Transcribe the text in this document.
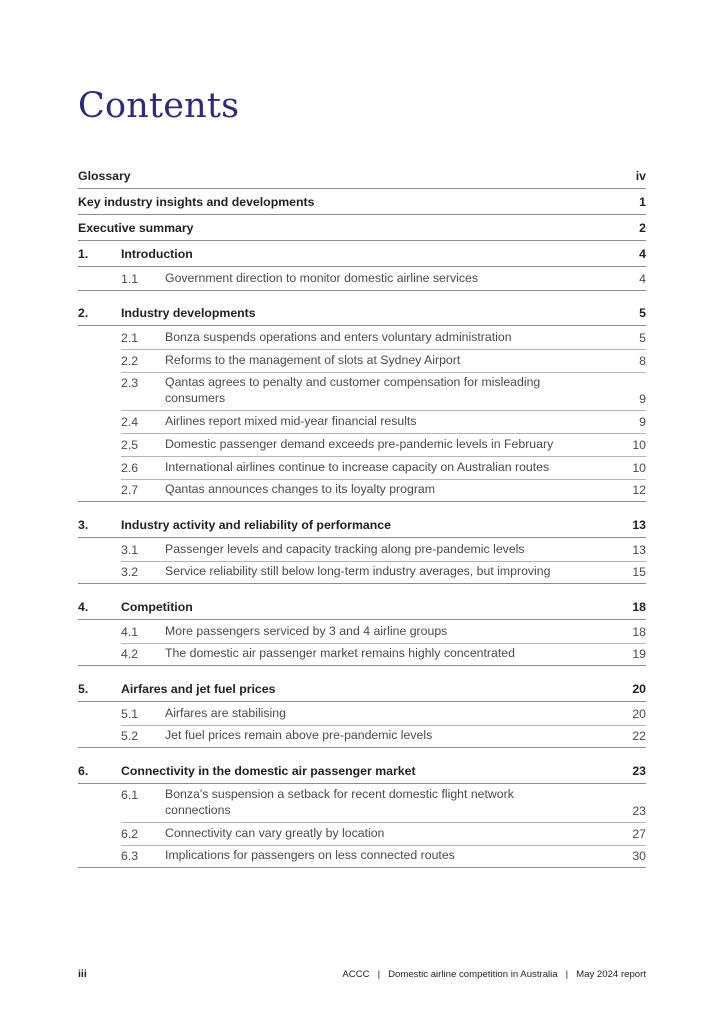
Contents
Glossary	iv
Key industry insights and developments	1
Executive summary	2
1.	Introduction	4
1.1 Government direction to monitor domestic airline services	4
2.	Industry developments	5
2.1 Bonza suspends operations and enters voluntary administration	5
2.2 Reforms to the management of slots at Sydney Airport	8
2.3 Qantas agrees to penalty and customer compensation for misleading consumers	9
2.4 Airlines report mixed mid-year financial results	9
2.5 Domestic passenger demand exceeds pre-pandemic levels in February	10
2.6 International airlines continue to increase capacity on Australian routes	10
2.7 Qantas announces changes to its loyalty program	12
3.	Industry activity and reliability of performance	13
3.1 Passenger levels and capacity tracking along pre-pandemic levels	13
3.2 Service reliability still below long-term industry averages, but improving	15
4.	Competition	18
4.1 More passengers serviced by 3 and 4 airline groups	18
4.2 The domestic air passenger market remains highly concentrated	19
5.	Airfares and jet fuel prices	20
5.1 Airfares are stabilising	20
5.2 Jet fuel prices remain above pre-pandemic levels	22
6.	Connectivity in the domestic air passenger market	23
6.1 Bonza's suspension a setback for recent domestic flight network connections	23
6.2 Connectivity can vary greatly by location	27
6.3 Implications for passengers on less connected routes	30
iii	ACCC | Domestic airline competition in Australia | May 2024 report
